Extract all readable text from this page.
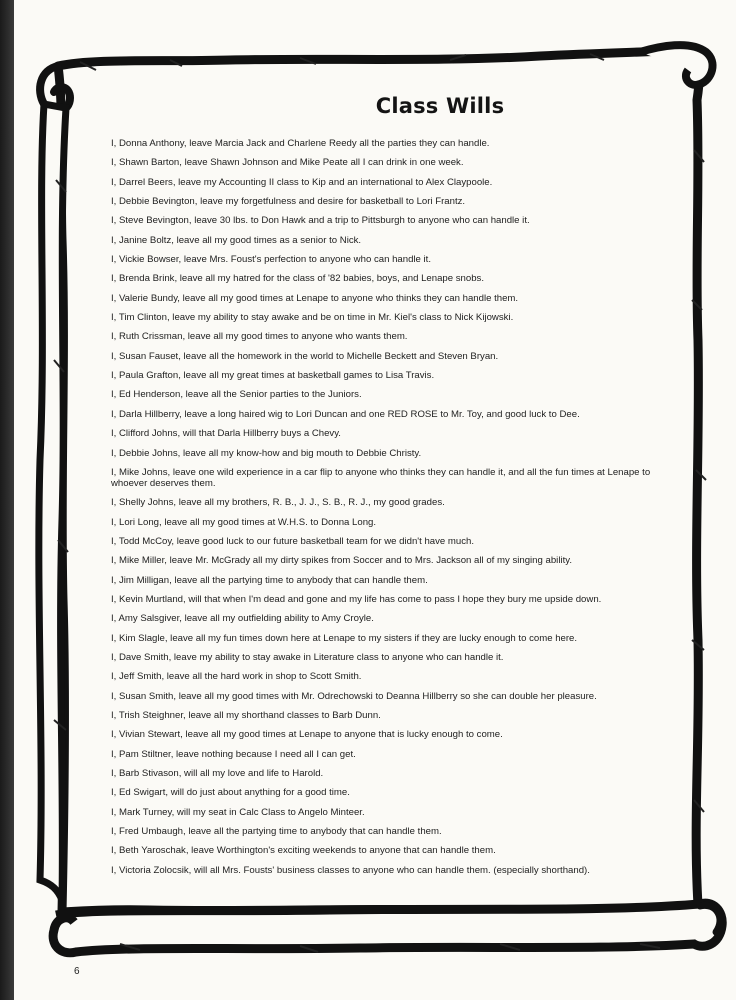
Class Wills
I, Donna Anthony, leave Marcia Jack and Charlene Reedy all the parties they can handle.
I, Shawn Barton, leave Shawn Johnson and Mike Peate all I can drink in one week.
I, Darrel Beers, leave my Accounting II class to Kip and an international to Alex Claypoole.
I, Debbie Bevington, leave my forgetfulness and desire for basketball to Lori Frantz.
I, Steve Bevington, leave 30 lbs. to Don Hawk and a trip to Pittsburgh to anyone who can handle it.
I, Janine Boltz, leave all my good times as a senior to Nick.
I, Vickie Bowser, leave Mrs. Foust's perfection to anyone who can handle it.
I, Brenda Brink, leave all my hatred for the class of '82 babies, boys, and Lenape snobs.
I, Valerie Bundy, leave all my good times at Lenape to anyone who thinks they can handle them.
I, Tim Clinton, leave my ability to stay awake and be on time in Mr. Kiel's class to Nick Kijowski.
I, Ruth Crissman, leave all my good times to anyone who wants them.
I, Susan Fauset, leave all the homework in the world to Michelle Beckett and Steven Bryan.
I, Paula Grafton, leave all my great times at basketball games to Lisa Travis.
I, Ed Henderson, leave all the Senior parties to the Juniors.
I, Darla Hillberry, leave a long haired wig to Lori Duncan and one RED ROSE to Mr. Toy, and good luck to Dee.
I, Clifford Johns, will that Darla Hillberry buys a Chevy.
I, Debbie Johns, leave all my know-how and big mouth to Debbie Christy.
I, Mike Johns, leave one wild experience in a car flip to anyone who thinks they can handle it, and all the fun times at Lenape to whoever deserves them.
I, Shelly Johns, leave all my brothers, R. B., J. J., S. B., R. J., my good grades.
I, Lori Long, leave all my good times at W.H.S. to Donna Long.
I, Todd McCoy, leave good luck to our future basketball team for we didn't have much.
I, Mike Miller, leave Mr. McGrady all my dirty spikes from Soccer and to Mrs. Jackson all of my singing ability.
I, Jim Milligan, leave all the partying time to anybody that can handle them.
I, Kevin Murtland, will that when I'm dead and gone and my life has come to pass I hope they bury me upside down.
I, Amy Salsgiver, leave all my outfielding ability to Amy Croyle.
I, Kim Slagle, leave all my fun times down here at Lenape to my sisters if they are lucky enough to come here.
I, Dave Smith, leave my ability to stay awake in Literature class to anyone who can handle it.
I, Jeff Smith, leave all the hard work in shop to Scott Smith.
I, Susan Smith, leave all my good times with Mr. Odrechowski to Deanna Hillberry so she can double her pleasure.
I, Trish Steighner, leave all my shorthand classes to Barb Dunn.
I, Vivian Stewart, leave all my good times at Lenape to anyone that is lucky enough to come.
I, Pam Stiltner, leave nothing because I need all I can get.
I, Barb Stivason, will all my love and life to Harold.
I, Ed Swigart, will do just about anything for a good time.
I, Mark Turney, will my seat in Calc Class to Angelo Minteer.
I, Fred Umbaugh, leave all the partying time to anybody that can handle them.
I, Beth Yaroschak, leave Worthington's exciting weekends to anyone that can handle them.
I, Victoria Zolocsik, will all Mrs. Fousts' business classes to anyone who can handle them. (especially shorthand).
6
